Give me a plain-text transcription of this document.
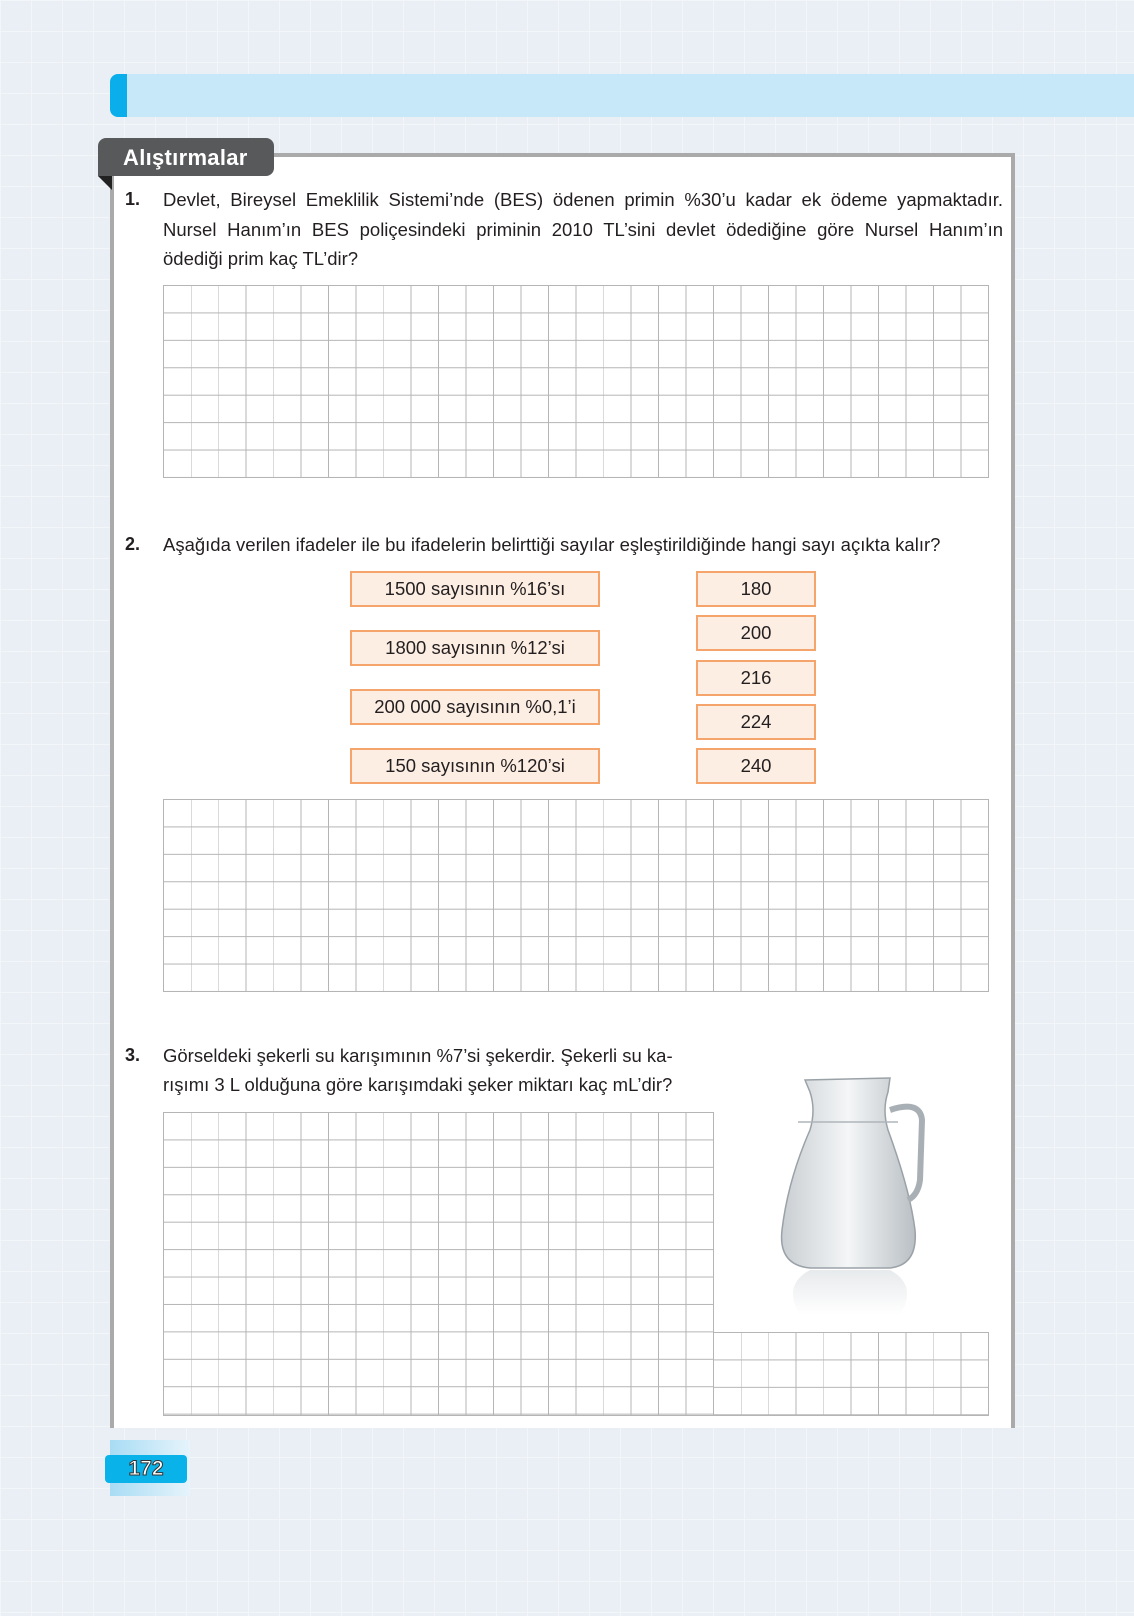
Alıştırmalar
1. Devlet, Bireysel Emeklilik Sistemi’nde (BES) ödenen primin %30’u kadar ek ödeme yapmaktadır. Nursel Hanım’ın BES poliçesindeki priminin 2010 TL’sini devlet ödediğine göre Nursel Hanım’ın ödediği prim kaç TL’dir?
2. Aşağıda verilen ifadeler ile bu ifadelerin belirttiği sayılar eşleştirildiğinde hangi sayı açıkta kalır?
1500 sayısının %16’sı
1800 sayısının %12’si
200 000 sayısının %0,1’i
150 sayısının %120’si
180
200
216
224
240
3. Görseldeki şekerli su karışımının %7’si şekerdir. Şekerli su ka-
rışımı 3 L olduğuna göre karışımdaki şeker miktarı kaç mL’dir?
172
